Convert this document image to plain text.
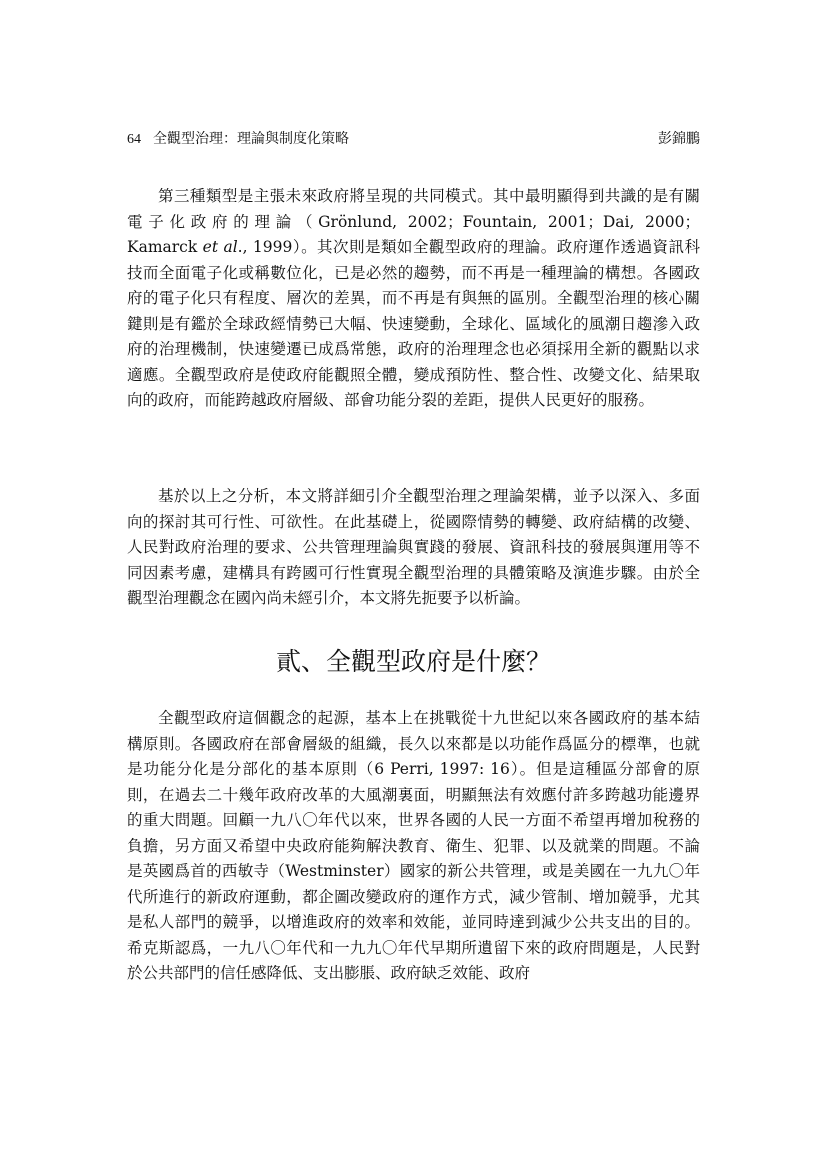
64 全觀型治理：理論與制度化策略	彭錦鵬

第三種類型是主張未來政府將呈現的共同模式。其中最明顯得到共識的是有關電子化政府的理論（Grönlund, 2002；Fountain, 2001；Dai, 2000；Kamarck et al., 1999）。其次則是類如全觀型政府的理論。政府運作透過資訊科技而全面電子化或稱數位化，已是必然的趨勢，而不再是一種理論的構想。各國政府的電子化只有程度、層次的差異，而不再是有與無的區別。全觀型治理的核心關鍵則是有鑑於全球政經情勢已大幅、快速變動，全球化、區域化的風潮日趨滲入政府的治理機制，快速變遷已成爲常態，政府的治理理念也必須採用全新的觀點以求適應。全觀型政府是使政府能觀照全體，變成預防性、整合性、改變文化、結果取向的政府，而能跨越政府層級、部會功能分裂的差距，提供人民更好的服務。

基於以上之分析，本文將詳細引介全觀型治理之理論架構，並予以深入、多面向的探討其可行性、可欲性。在此基礎上，從國際情勢的轉變、政府結構的改變、人民對政府治理的要求、公共管理理論與實踐的發展、資訊科技的發展與運用等不同因素考慮，建構具有跨國可行性實現全觀型治理的具體策略及演進步驟。由於全觀型治理觀念在國內尚未經引介，本文將先扼要予以析論。

貳、全觀型政府是什麼？

全觀型政府這個觀念的起源，基本上在挑戰從十九世紀以來各國政府的基本結構原則。各國政府在部會層級的組織，長久以來都是以功能作爲區分的標準，也就是功能分化是分部化的基本原則（6 Perri, 1997: 16）。但是這種區分部會的原則，在過去二十幾年政府改革的大風潮裏面，明顯無法有效應付許多跨越功能邊界的重大問題。回顧一九八〇年代以來，世界各國的人民一方面不希望再增加稅務的負擔，另方面又希望中央政府能夠解決教育、衛生、犯罪、以及就業的問題。不論是英國爲首的西敏寺（Westminster）國家的新公共管理，或是美國在一九九〇年代所進行的新政府運動，都企圖改變政府的運作方式，減少管制、增加競爭，尤其是私人部門的競爭，以增進政府的效率和效能，並同時達到減少公共支出的目的。希克斯認爲，一九八〇年代和一九九〇年代早期所遺留下來的政府問題是，人民對於公共部門的信任感降低、支出膨脹、政府缺乏效能、政府
